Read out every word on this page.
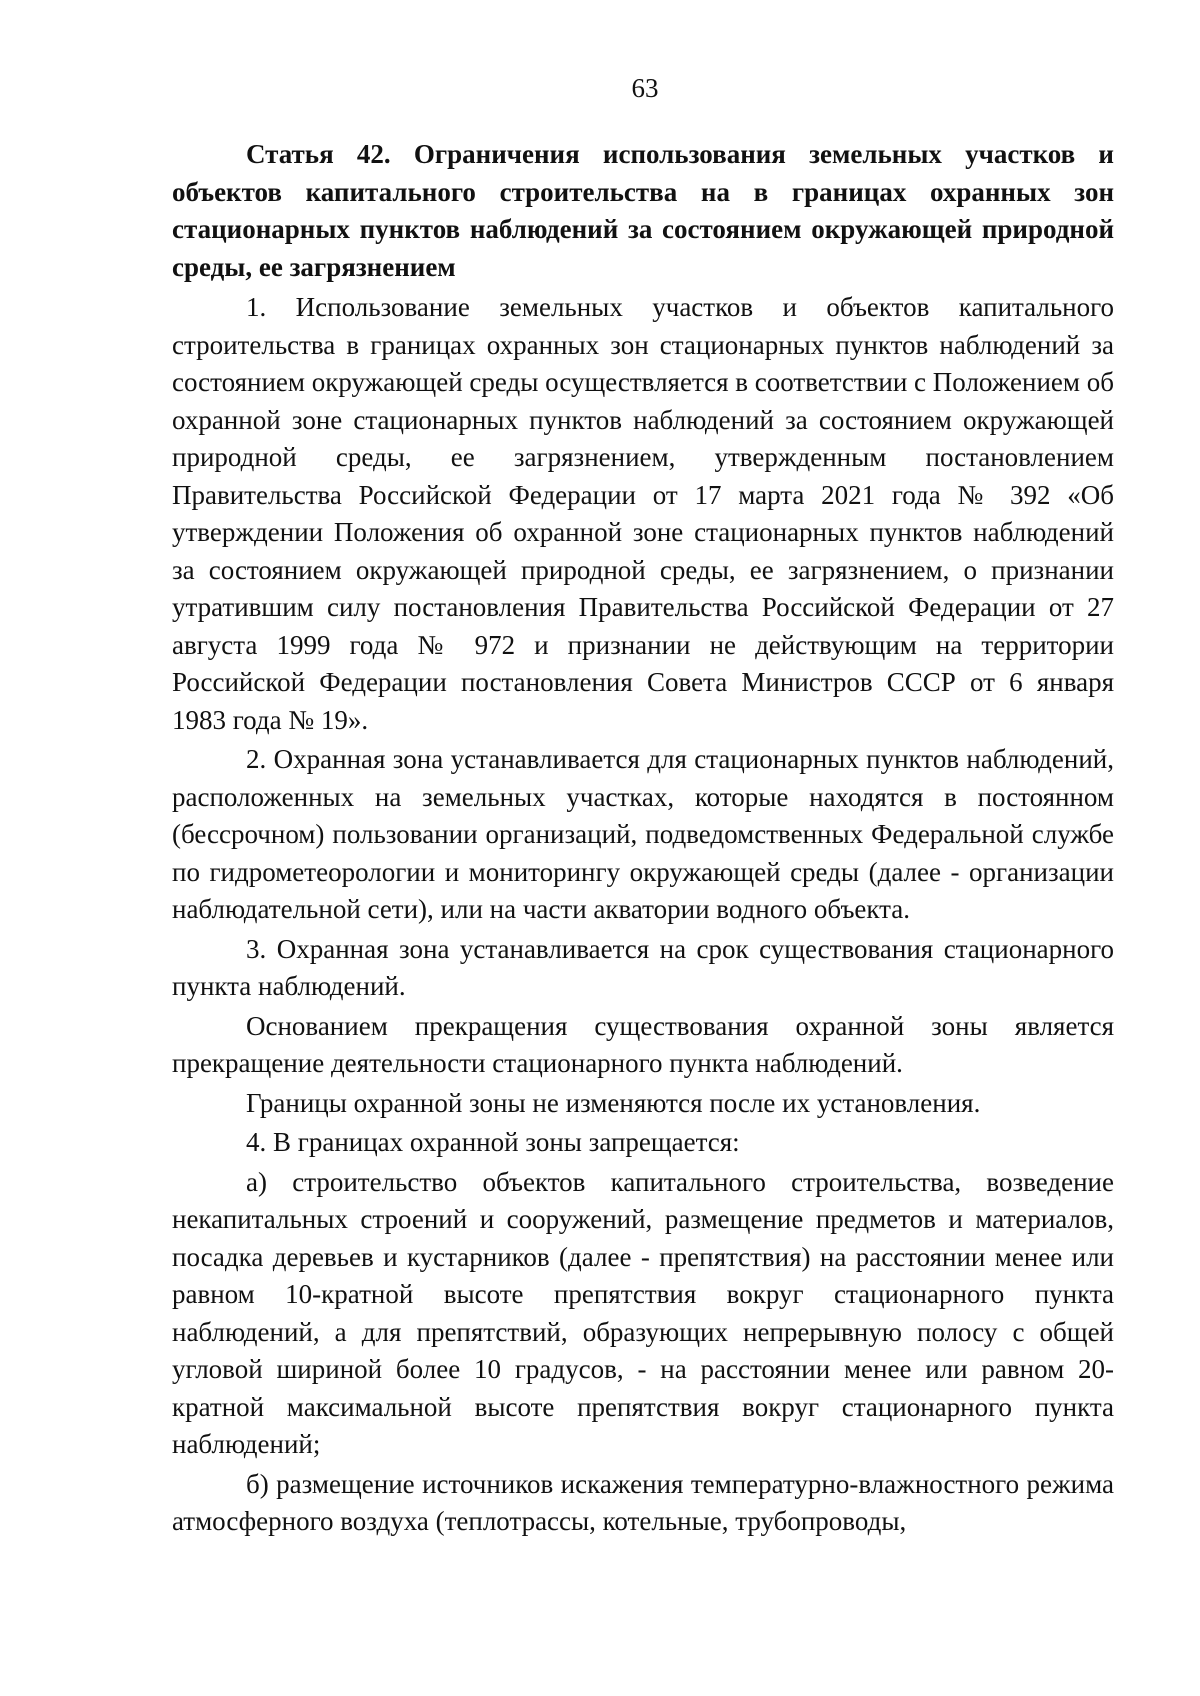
63

Статья 42. Ограничения использования земельных участков и объектов капитального строительства на в границах охранных зон стационарных пунктов наблюдений за состоянием окружающей природной среды, ее загрязнением

1. Использование земельных участков и объектов капитального строительства в границах охранных зон стационарных пунктов наблюдений за состоянием окружающей среды осуществляется в соответствии с Положением об охранной зоне стационарных пунктов наблюдений за состоянием окружающей природной среды, ее загрязнением, утвержденным постановлением Правительства Российской Федерации от 17 марта 2021 года № 392 «Об утверждении Положения об охранной зоне стационарных пунктов наблюдений за состоянием окружающей природной среды, ее загрязнением, о признании утратившим силу постановления Правительства Российской Федерации от 27 августа 1999 года № 972 и признании не действующим на территории Российской Федерации постановления Совета Министров СССР от 6 января 1983 года № 19».

2. Охранная зона устанавливается для стационарных пунктов наблюдений, расположенных на земельных участках, которые находятся в постоянном (бессрочном) пользовании организаций, подведомственных Федеральной службе по гидрометеорологии и мониторингу окружающей среды (далее - организации наблюдательной сети), или на части акватории водного объекта.

3. Охранная зона устанавливается на срок существования стационарного пункта наблюдений.

Основанием прекращения существования охранной зоны является прекращение деятельности стационарного пункта наблюдений.

Границы охранной зоны не изменяются после их установления.

4. В границах охранной зоны запрещается:

а) строительство объектов капитального строительства, возведение некапитальных строений и сооружений, размещение предметов и материалов, посадка деревьев и кустарников (далее - препятствия) на расстоянии менее или равном 10-кратной высоте препятствия вокруг стационарного пункта наблюдений, а для препятствий, образующих непрерывную полосу с общей угловой шириной более 10 градусов, - на расстоянии менее или равном 20-кратной максимальной высоте препятствия вокруг стационарного пункта наблюдений;

б) размещение источников искажения температурно-влажностного режима атмосферного воздуха (теплотрассы, котельные, трубопроводы,
